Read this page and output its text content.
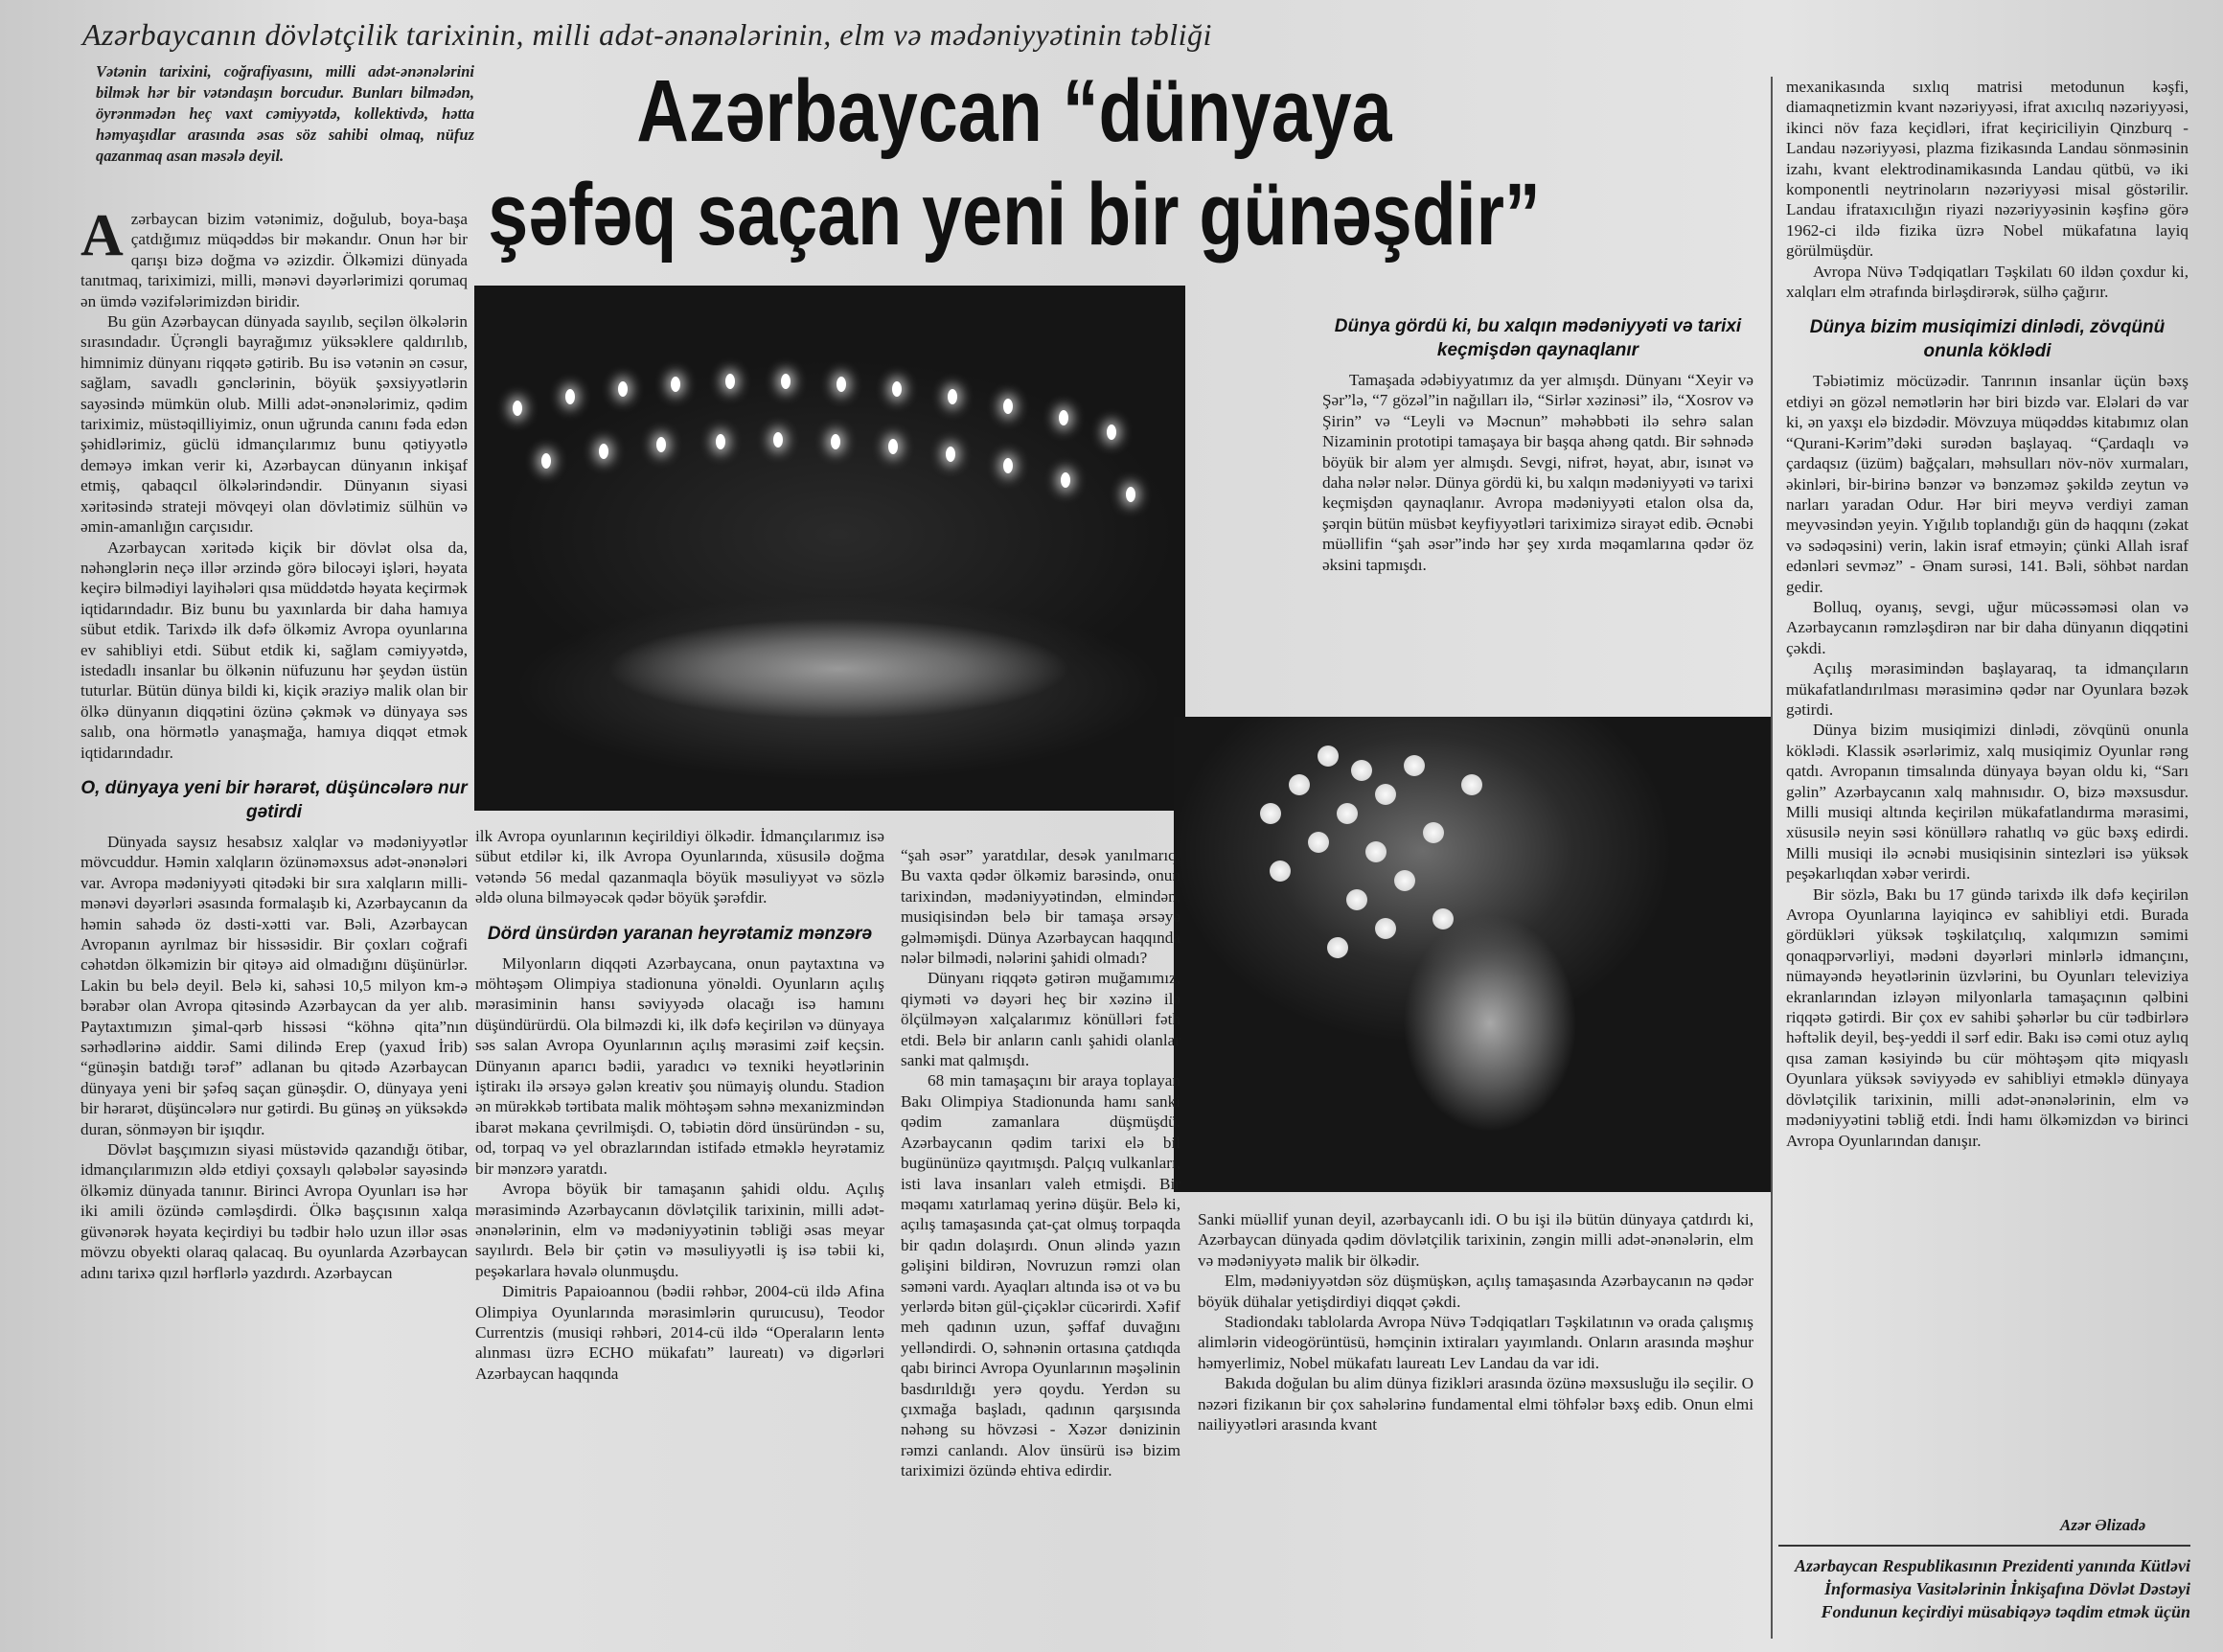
Azərbaycanın dövlətçilik tarixinin, milli adət-ənənələrinin, elm və mədəniyyətinin təbliği
Vətənin tarixini, coğrafiyasını, milli adət-ənənələrini bilmək hər bir vətəndaşın borcudur. Bunları bilmədən, öyrənmədən heç vaxt cəmiyyətdə, kollektivdə, hətta həmyaşıdlar arasında əsas söz sahibi olmaq, nüfuz qazanmaq asan məsələ deyil.	Azərbaycan “dünyaya
şəfəq saçan yeni bir günəşdir”

A zərbaycan bizim vətənimiz, doğulub, boya-başa çatdığımız müqəddəs bir məkandır. Onun hər bir qarışı bizə doğma və əzizdir. Ölkəmizi dünyada tanıtmaq, tariximizi, milli, mənəvi dəyərlərimizi qorumaq ən ümdə vəzifələrimizdən biridir.

Bu gün Azərbaycan dünyada sayılıb, seçilən ölkələrin sırasındadır. Üçrəngli bayrağımız yüksəklere qaldırılıb, himnimiz dünyanı riqqətə gətirib. Bu isə vətənin ən cəsur, sağlam, savadlı gənclərinin, böyük şəxsiyyətlərin sayəsində mümkün olub. Milli adət-ənənələrimiz, qədim tariximiz, müstəqilliyimiz, onun uğrunda canını fəda edən şəhidlərimiz, güclü idmançılarımız bunu qətiyyətlə deməyə imkan verir ki, Azərbaycan dünyanın inkişaf etmiş, qabaqcıl ölkələrindəndir. Dünyanın siyasi xəritəsində strateji mövqeyi olan dövlətimiz sülhün və əmin-amanlığın carçısıdır.

Azərbaycan xəritədə kiçik bir dövlət olsa da, nəhənglərin neçə illər ərzində görə bilocəyi işləri, həyata keçirə bilmədiyi layihələri qısa müddətdə həyata keçirmək iqtidarındadır. Biz bunu bu yaxınlarda bir daha hamıya sübut etdik. Tarixdə ilk dəfə ölkəmiz Avropa oyunlarına ev sahibliyi etdi. Sübut etdik ki, sağlam cəmiyyətdə, istedadlı insanlar bu ölkənin nüfuzunu hər şeydən üstün tuturlar. Bütün dünya bildi ki, kiçik əraziyə malik olan bir ölkə dünyanın diqqətini özünə çəkmək və dünyaya səs salıb, ona hörmətlə yanaşmağa, hamıya diqqət etmək iqtidarındadır.

O, dünyaya yeni bir hərarət, düşüncələrə nur gətirdi

Dünyada saysız hesabsız xalqlar və mədəniyyətlər mövcuddur. Həmin xalqların özünəməxsus adət-ənənələri var. Avropa mədəniyyəti qitədəki bir sıra xalqların milli-mənəvi dəyərləri əsasında formalaşıb ki, Azərbaycanın da həmin sahədə öz dəsti-xətti var. Bəli, Azərbaycan Avropanın ayrılmaz bir hissəsidir. Bir çoxları coğrafi cəhətdən ölkəmizin bir qitəyə aid olmadığını düşünürlər. Lakin bu belə deyil. Belə ki, sahəsi 10,5 milyon km-ə bərabər olan Avropa qitəsində Azərbaycan da yer alıb. Paytaxtımızın şimal-qərb hissəsi “köhnə qita”nın sərhədlərinə aiddir. Sami dilində Erep (yaxud İrib) “günəşin batdığı tərəf” adlanan bu qitədə Azərbaycan dünyaya yeni bir şəfəq saçan günəşdir. O, dünyaya yeni bir hərarət, düşüncələrə nur gətirdi. Bu günəş ən yüksəkdə duran, sönməyən bir işıqdır.

Dövlət başçımızın siyasi müstəvidə qazandığı ötibar, idmançılarımızın əldə etdiyi çoxsaylı qələbələr sayəsində ölkəmiz dünyada tanınır. Birinci Avropa Oyunları isə hər iki amili özündə cəmləşdirdi. Ölkə başçısının xalqa güvənərək həyata keçirdiyi bu tədbir həlo uzun illər əsas mövzu obyekti olaraq qalacaq. Bu oyunlarda Azərbaycan adını tarixə qızıl hərflərlə yazdırdı. Azərbaycan

ilk Avropa oyunlarının keçirildiyi ölkədir. İdmançılarımız isə sübut etdilər ki, ilk Avropa Oyunlarında, xüsusilə doğma vətəndə 56 medal qazanmaqla böyük məsuliyyət və sözlə əldə oluna bilməyəcək qədər böyük şərəfdir.

Dörd ünsürdən yaranan heyrətamiz mənzərə

Milyonların diqqəti Azərbaycana, onun paytaxtına və möhtəşəm Olimpiya stadionuna yönəldi. Oyunların açılış mərasiminin hansı səviyyədə olacağı isə hamını düşündürürdü. Ola bilməzdi ki, ilk dəfə keçirilən və dünyaya səs salan Avropa Oyunlarının açılış mərasimi zəif keçsin. Dünyanın aparıcı bədii, yaradıcı və texniki heyətlərinin iştirakı ilə ərsəyə gələn kreativ şou nümayiş olundu. Stadion ən mürəkkəb tərtibata malik möhtəşəm səhnə mexanizmindən ibarət məkana çevrilmişdi. O, təbiətin dörd ünsüründən - su, od, torpaq və yel obrazlarından istifadə etməklə heyrətamiz bir mənzərə yaratdı.

Avropa böyük bir tamaşanın şahidi oldu. Açılış mərasimində Azərbaycanın dövlətçilik tarixinin, milli adət-ənənələrinin, elm və mədəniyyətinin təbliği əsas meyar sayılırdı. Belə bir çətin və məsuliyyətli iş isə təbii ki, peşəkarlara həvalə olunmuşdu.

Dimitris Papaioannou (bədii rəhbər, 2004-cü ildə Afina Olimpiya Oyunlarında mərasimlərin quruıcusu), Teodor Currentzis (musiqi rəhbəri, 2014-cü ildə “Operaların lentə alınması üzrə ECHO mükafatı” laureatı) və digərləri Azərbaycan haqqında

“şah əsər” yaratdılar, desək yanılmarıq. Bu vaxta qədər ölkəmiz barəsində, onun tarixindən, mədəniyyətindən, elmindən, musiqisindən belə bir tamaşa ərsəyə gəlməmişdi. Dünya Azərbaycan haqqında nələr bilmədi, nələrini şahidi olmadı?

Dünyanı riqqətə gətirən muğamımız, qiyməti və dəyəri heç bir xəzinə ilə ölçülməyən xalçalarımız könülləri fəth etdi. Belə bir anların canlı şahidi olanlar sanki mat qalmışdı.

68 min tamaşaçını bir araya toplayan Bakı Olimpiya Stadionunda hamı sanki qədim zamanlara düşmüşdü. Azərbaycanın qədim tarixi elə bil bugününüzə qayıtmışdı. Palçıq vulkanları, isti lava insanları valeh etmişdi. Bir məqamı xatırlamaq yerinə düşür. Belə ki, açılış tamaşasında çat-çat olmuş torpaqda bir qadın dolaşırdı. Onun əlində yazın gəlişini bildirən, Novruzun rəmzi olan səməni vardı. Ayaqları altında isə ot və bu yerlərdə bitən gül-çiçəklər cücərirdi. Xəfif meh qadının uzun, şəffaf duvağını yelləndirdi. O, səhnənin ortasına çatdıqda qabı birinci Avropa Oyunlarının məşəlinin basdırıldığı yerə qoydu. Yerdən su çıxmağa başladı, qadının qarşısında nəhəng su hövzəsi - Xəzər dənizinin rəmzi canlandı. Alov ünsürü isə bizim tariximizi özündə ehtiva edirdir.

Dünya gördü ki, bu xalqın mədəniyyəti və tarixi keçmişdən qaynaqlanır

Tamaşada ədəbiyyatımız da yer almışdı. Dünyanı “Xeyir və Şər”lə, “7 gözəl”in nağılları ilə, “Sirlər xəzinəsi” ilə, “Xosrov və Şirin” və “Leyli və Məcnun” məhəbbəti ilə sehrə salan Nizaminin prototipi tamaşaya bir başqa ahəng qatdı. Bir səhnədə böyük bir aləm yer almışdı. Sevgi, nifrət, həyat, abır, isınət və daha nələr nələr. Dünya gördü ki, bu xalqın mədəniyyəti və tarixi keçmişdən qaynaqlanır. Avropa mədəniyyəti etalon olsa da, şərqin bütün müsbət keyfiyyətləri tariximizə sirayət edib. Əcnəbi müəllifin “şah əsər”ində hər şey xırda məqamlarına qədər öz əksini tapmışdı.

Sanki müəllif yunan deyil, azərbaycanlı idi. O bu işi ilə bütün dünyaya çatdırdı ki, Azərbaycan dünyada qədim dövlətçilik tarixinin, zəngin milli adət-ənənələrin, elm və mədəniyyətə malik bir ölkədir.

Elm, mədəniyyətdən söz düşmüşkən, açılış tamaşasında Azərbaycanın nə qədər böyük dühalar yetişdirdiyi diqqət çəkdi.

Stadiondakı tablolarda Avropa Nüvə Tədqiqatları Təşkilatının və orada çalışmış alimlərin videogörüntüsü, həmçinin ixtiraları yayımlandı. Onların arasında məşhur həmyerlimiz, Nobel mükafatı laureatı Lev Landau da var idi.

Bakıda doğulan bu alim dünya fizikləri arasında özünə məxsusluğu ilə seçilir. O nəzəri fizikanın bir çox sahələrinə fundamental elmi töhfələr bəxş edib. Onun elmi nailiyyətləri arasında kvant

mexanikasında sıxlıq matrisi metodunun kəşfi, diamaqnetizmin kvant nəzəriyyəsi, ifrat axıcılıq nəzəriyyəsi, ikinci növ faza keçidləri, ifrat keçiriciliyin Qinzburq - Landau nəzəriyyəsi, plazma fizikasında Landau sönməsinin izahı, kvant elektrodinamikasında Landau qütbü, və iki komponentli neytrinoların nəzəriyyəsi misal göstərilir. Landau ifrataxıcılığın riyazi nəzəriyyəsinin kəşfinə görə 1962-ci ildə fizika üzrə Nobel mükafatına layiq görülmüşdür.

Avropa Nüvə Tədqiqatları Təşkilatı 60 ildən çoxdur ki, xalqları elm ətrafında birləşdirərək, sülhə çağırır.

Dünya bizim musiqimizi dinlədi, zövqünü onunla köklədi

Təbiətimiz möcüzədir. Tanrının insanlar üçün bəxş etdiyi ən gözəl nemətlərin hər biri bizdə var. Eləlari də var ki, ən yaxşı elə bizdədir. Mövzuya müqəddəs kitabımız olan “Qurani-Kərim”dəki surədən başlayaq. “Çardaqlı və çardaqsız (üzüm) bağçaları, məhsulları növ-növ xurmaları, əkinləri, bir-birinə bənzər və bənzəməz şəkildə zeytun və narları yaradan Odur. Hər biri meyvə verdiyi zaman meyvəsindən yeyin. Yığılıb toplandığı gün də haqqını (zəkat və sədəqəsini) verin, lakin israf etməyin; çünki Allah israf edənləri sevməz” - Ənam surəsi, 141. Bəli, söhbət nardan gedir.

Bolluq, oyanış, sevgi, uğur mücəssəməsi olan və Azərbaycanın rəmzləşdirən nar bir daha dünyanın diqqətini çəkdi.

Açılış mərasimindən başlayaraq, ta idmançıların mükafatlandırılması mərasiminə qədər nar Oyunlara bəzək gətirdi.

Dünya bizim musiqimizi dinlədi, zövqünü onunla köklədi. Klassik əsərlərimiz, xalq musiqimiz Oyunlar rəng qatdı. Avropanın timsalında dünyaya bəyan oldu ki, “Sarı gəlin” Azərbaycanın xalq mahnısıdır. O, bizə məxsusdur. Milli musiqi altında keçirilən mükafatlandırma mərasimi, xüsusilə neyin səsi könüllərə rahatlıq və güc bəxş edirdi. Milli musiqi ilə əcnəbi musiqisinin sintezləri isə yüksək peşəkarlıqdan xəbər verirdi.

Bir sözlə, Bakı bu 17 gündə tarixdə ilk dəfə keçirilən Avropa Oyunlarına layiqincə ev sahibliyi etdi. Burada gördükləri yüksək təşkilatçılıq, xalqımızın səmimi qonaqpərvərliyi, mədəni dəyərləri minlərlə idmançını, nümayəndə heyətlərinin üzvlərini, bu Oyunları televiziya ekranlarından izləyən milyonlarla tamaşaçının qəlbini riqqətə gətirdi. Bir çox ev sahibi şəhərlər bu cür tədbirlərə həftəlik deyil, beş-yeddi il sərf edir. Bakı isə cəmi otuz aylıq qısa zaman kəsiyində bu cür möhtəşəm qitə miqyaslı Oyunlara yüksək səviyyədə ev sahibliyi etməklə dünyaya dövlətçilik tarixinin, milli adət-ənənələrinin, elm və mədəniyyətini təbliğ etdi. İndi hamı ölkəmizdən və birinci Avropa Oyunlarından danışır.

Azər Əlizadə
Azərbaycan Respublikasının Prezidenti yanında Kütləvi İnformasiya Vasitələrinin İnkişafına Dövlət Dəstəyi Fondunun keçirdiyi müsabiqəyə təqdim etmək üçün
